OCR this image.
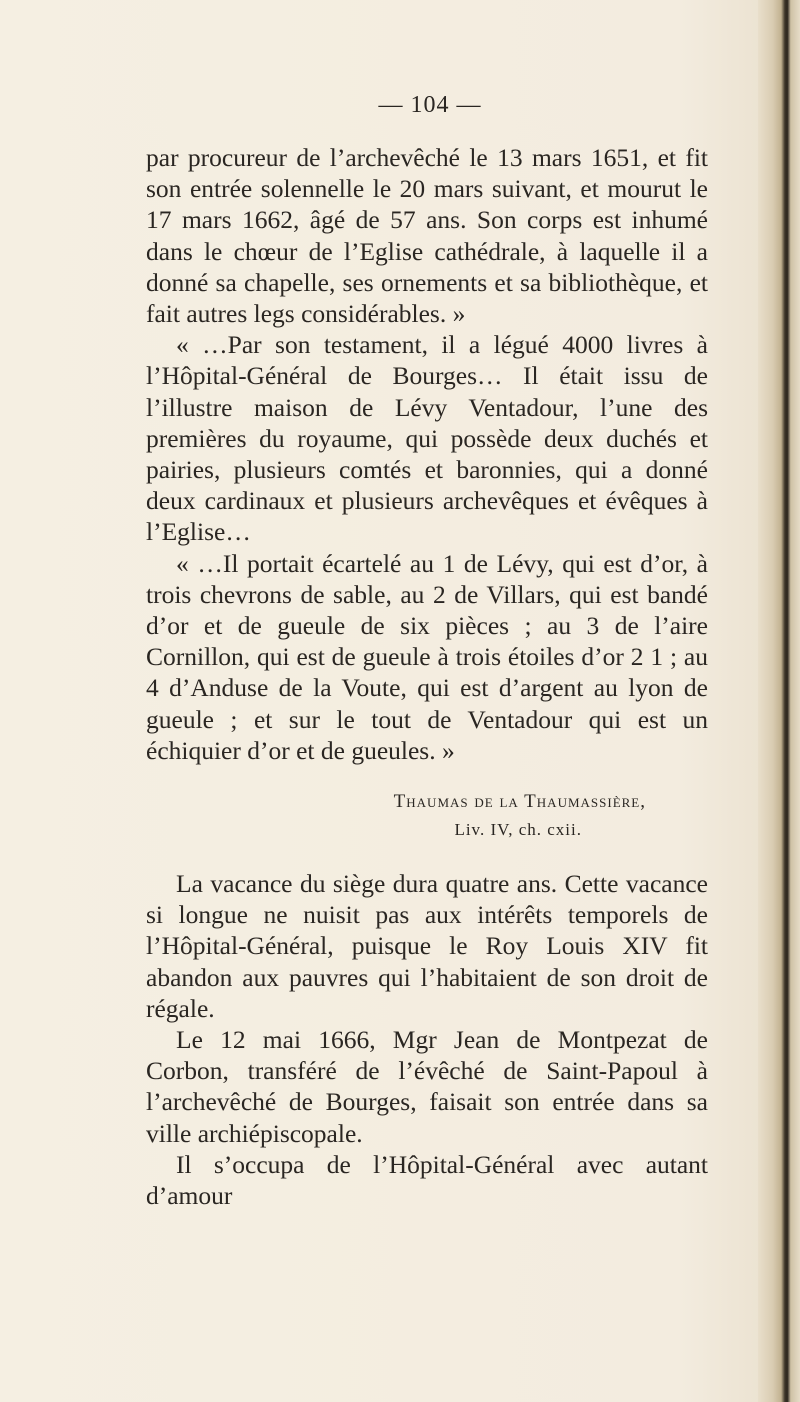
— 104 —

par procureur de l’archevêché le 13 mars 1651, et fit son entrée solennelle le 20 mars suivant, et mourut le 17 mars 1662, âgé de 57 ans. Son corps est inhumé dans le chœur de l’Eglise cathédrale, à laquelle il a donné sa chapelle, ses ornements et sa bibliothèque, et fait autres legs considérables. »

« …Par son testament, il a légué 4000 livres à l’Hôpital-Général de Bourges… Il était issu de l’illustre maison de Lévy Ventadour, l’une des premières du royaume, qui possède deux duchés et pairies, plusieurs comtés et baronnies, qui a donné deux cardinaux et plusieurs archevêques et évêques à l’Eglise…

« …Il portait écartelé au 1 de Lévy, qui est d’or, à trois chevrons de sable, au 2 de Villars, qui est bandé d’or et de gueule de six pièces ; au 3 de l’aire Cornillon, qui est de gueule à trois étoiles d’or 2 1 ; au 4 d’Anduse de la Voute, qui est d’argent au lyon de gueule ; et sur le tout de Ventadour qui est un échiquier d’or et de gueules. »

Thaumas de la Thaumassière,
Liv. IV, ch. cxii.

La vacance du siège dura quatre ans. Cette vacance si longue ne nuisit pas aux intérêts temporels de l’Hôpital-Général, puisque le Roy Louis XIV fit abandon aux pauvres qui l’habitaient de son droit de régale.

Le 12 mai 1666, Mgr Jean de Montpezat de Corbon, transféré de l’évêché de Saint-Papoul à l’archevêché de Bourges, faisait son entrée dans sa ville archiépiscopale.

Il s’occupa de l’Hôpital-Général avec autant d’amour
